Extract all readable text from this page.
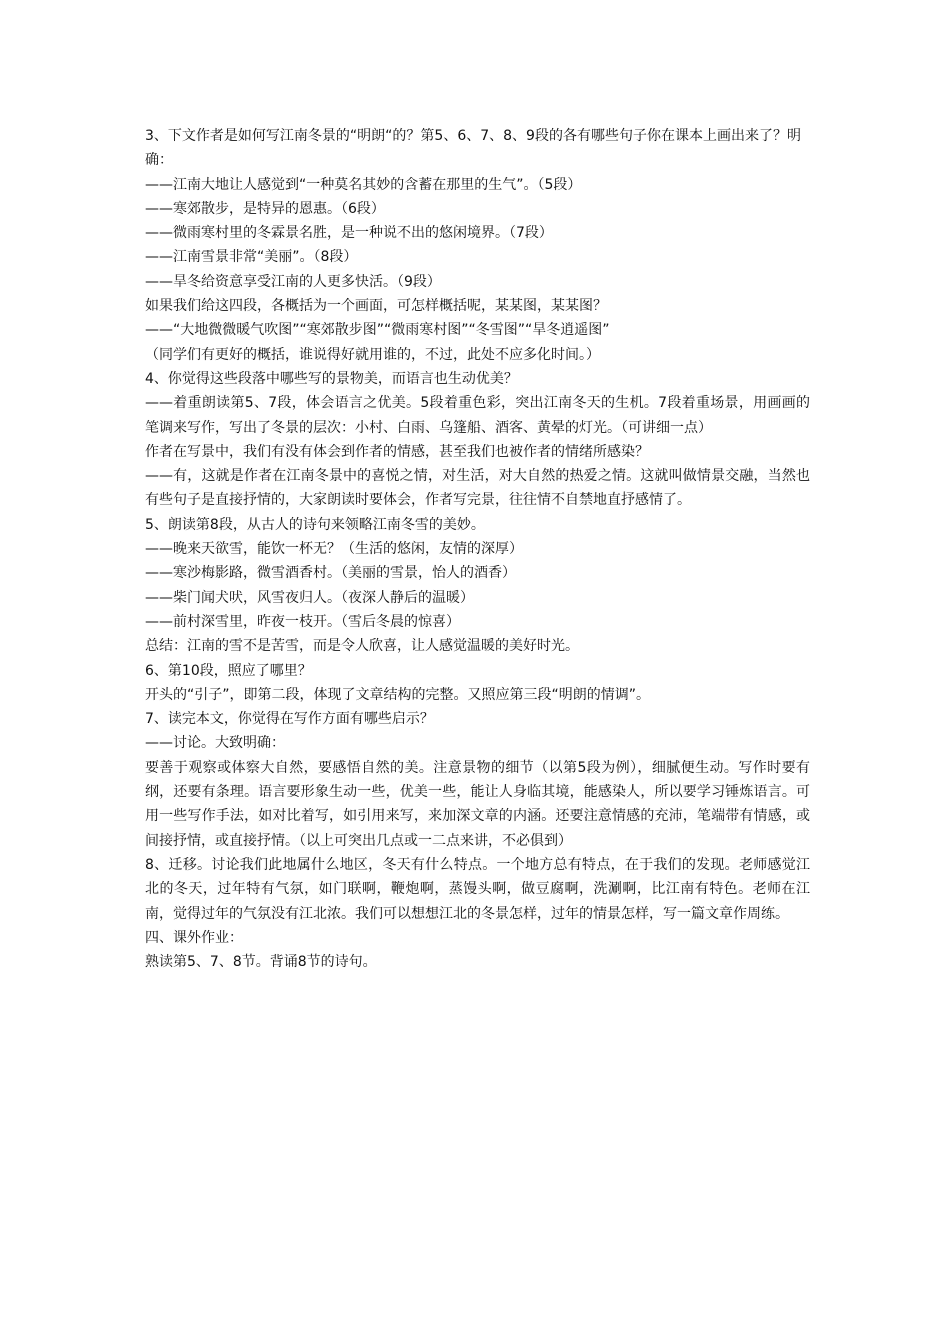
3、下文作者是如何写江南冬景的“明朗“的？第5、6、7、8、9段的各有哪些句子你在课本上画出来了？明确：

——江南大地让人感觉到“一种莫名其妙的含蓄在那里的生气”。（5段）

——寒郊散步，是特异的恩惠。（6段）

——微雨寒村里的冬霖景名胜，是一种说不出的悠闲境界。（7段）

——江南雪景非常“美丽”。（8段）

——旱冬给资意享受江南的人更多快活。（9段）

如果我们给这四段，各概括为一个画面，可怎样概括呢，某某图，某某图？

——“大地微微暖气吹图”“寒郊散步图”“微雨寒村图”“冬雪图”“旱冬逍遥图”

（同学们有更好的概括，谁说得好就用谁的，不过，此处不应多化时间。）

4、你觉得这些段落中哪些写的景物美，而语言也生动优美？

——着重朗读第5、7段，体会语言之优美。5段着重色彩，突出江南冬天的生机。7段着重场景，用画画的笔调来写作，写出了冬景的层次：小村、白雨、乌篷船、酒客、黄晕的灯光。（可讲细一点）

作者在写景中，我们有没有体会到作者的情感，甚至我们也被作者的情绪所感染？

——有，这就是作者在江南冬景中的喜悦之情，对生活，对大自然的热爱之情。这就叫做情景交融，当然也有些句子是直接抒情的，大家朗读时要体会，作者写完景，往往情不自禁地直抒感情了。

5、朗读第8段，从古人的诗句来领略江南冬雪的美妙。

——晚来天欲雪，能饮一杯无？（生活的悠闲，友情的深厚）

——寒沙梅影路，微雪酒香村。（美丽的雪景，怡人的酒香）

——柴门闻犬吠，风雪夜归人。（夜深人静后的温暖）

——前村深雪里，昨夜一枝开。（雪后冬晨的惊喜）

总结：江南的雪不是苦雪，而是令人欣喜，让人感觉温暖的美好时光。

6、第10段，照应了哪里？

开头的“引子”，即第二段，体现了文章结构的完整。又照应第三段“明朗的情调”。

7、读完本文，你觉得在写作方面有哪些启示？

——讨论。大致明确：

要善于观察或体察大自然，要感悟自然的美。注意景物的细节（以第5段为例），细腻便生动。写作时要有纲，还要有条理。语言要形象生动一些，优美一些，能让人身临其境，能感染人，所以要学习锤炼语言。可用一些写作手法，如对比着写，如引用来写，来加深文章的内涵。还要注意情感的充沛，笔端带有情感，或间接抒情，或直接抒情。（以上可突出几点或一二点来讲，不必俱到）

8、迁移。讨论我们此地属什么地区，冬天有什么特点。一个地方总有特点，在于我们的发现。老师感觉江北的冬天，过年特有气氛，如门联啊，鞭炮啊，蒸馒头啊，做豆腐啊，洗涮啊，比江南有特色。老师在江南，觉得过年的气氛没有江北浓。我们可以想想江北的冬景怎样，过年的情景怎样，写一篇文章作周练。

四、课外作业：

熟读第5、7、8节。背诵8节的诗句。
